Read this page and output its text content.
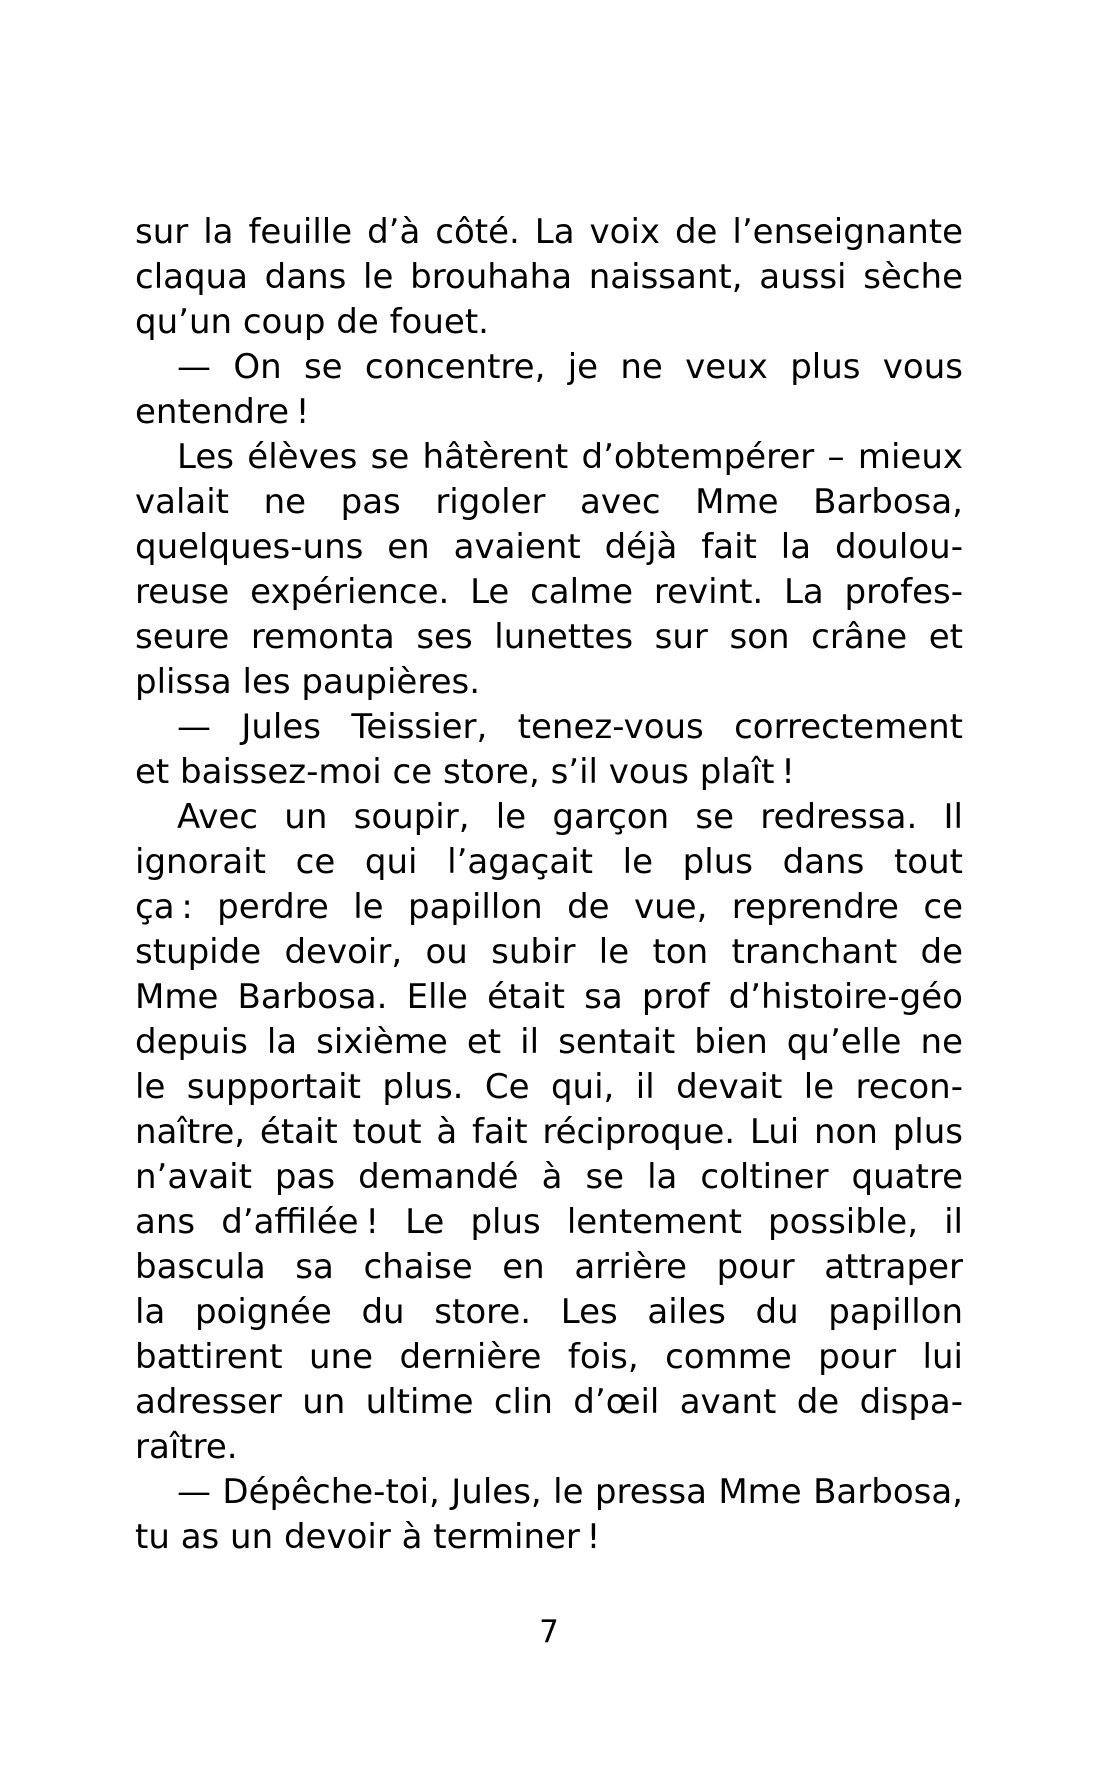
sur la feuille d’à côté. La voix de l’enseignante
claqua dans le brouhaha naissant, aussi sèche
qu’un coup de fouet.
— On se concentre, je ne veux plus vous
entendre !
Les élèves se hâtèrent d’obtempérer – mieux
valait ne pas rigoler avec Mme Barbosa,
quelques-uns en avaient déjà fait la doulou-
reuse expérience. Le calme revint. La profes-
seure remonta ses lunettes sur son crâne et
plissa les paupières.
— Jules Teissier, tenez-vous correctement
et baissez-moi ce store, s’il vous plaît !
Avec un soupir, le garçon se redressa. Il
ignorait ce qui l’agaçait le plus dans tout
ça : perdre le papillon de vue, reprendre ce
stupide devoir, ou subir le ton tranchant de
Mme Barbosa. Elle était sa prof d’histoire-géo
depuis la sixième et il sentait bien qu’elle ne
le supportait plus. Ce qui, il devait le recon-
naître, était tout à fait réciproque. Lui non plus
n’avait pas demandé à se la coltiner quatre
ans d’affilée ! Le plus lentement possible, il
bascula sa chaise en arrière pour attraper
la poignée du store. Les ailes du papillon
battirent une dernière fois, comme pour lui
adresser un ultime clin d’œil avant de dispa-
raître.
— Dépêche-toi, Jules, le pressa Mme Barbosa,
tu as un devoir à terminer !
7
